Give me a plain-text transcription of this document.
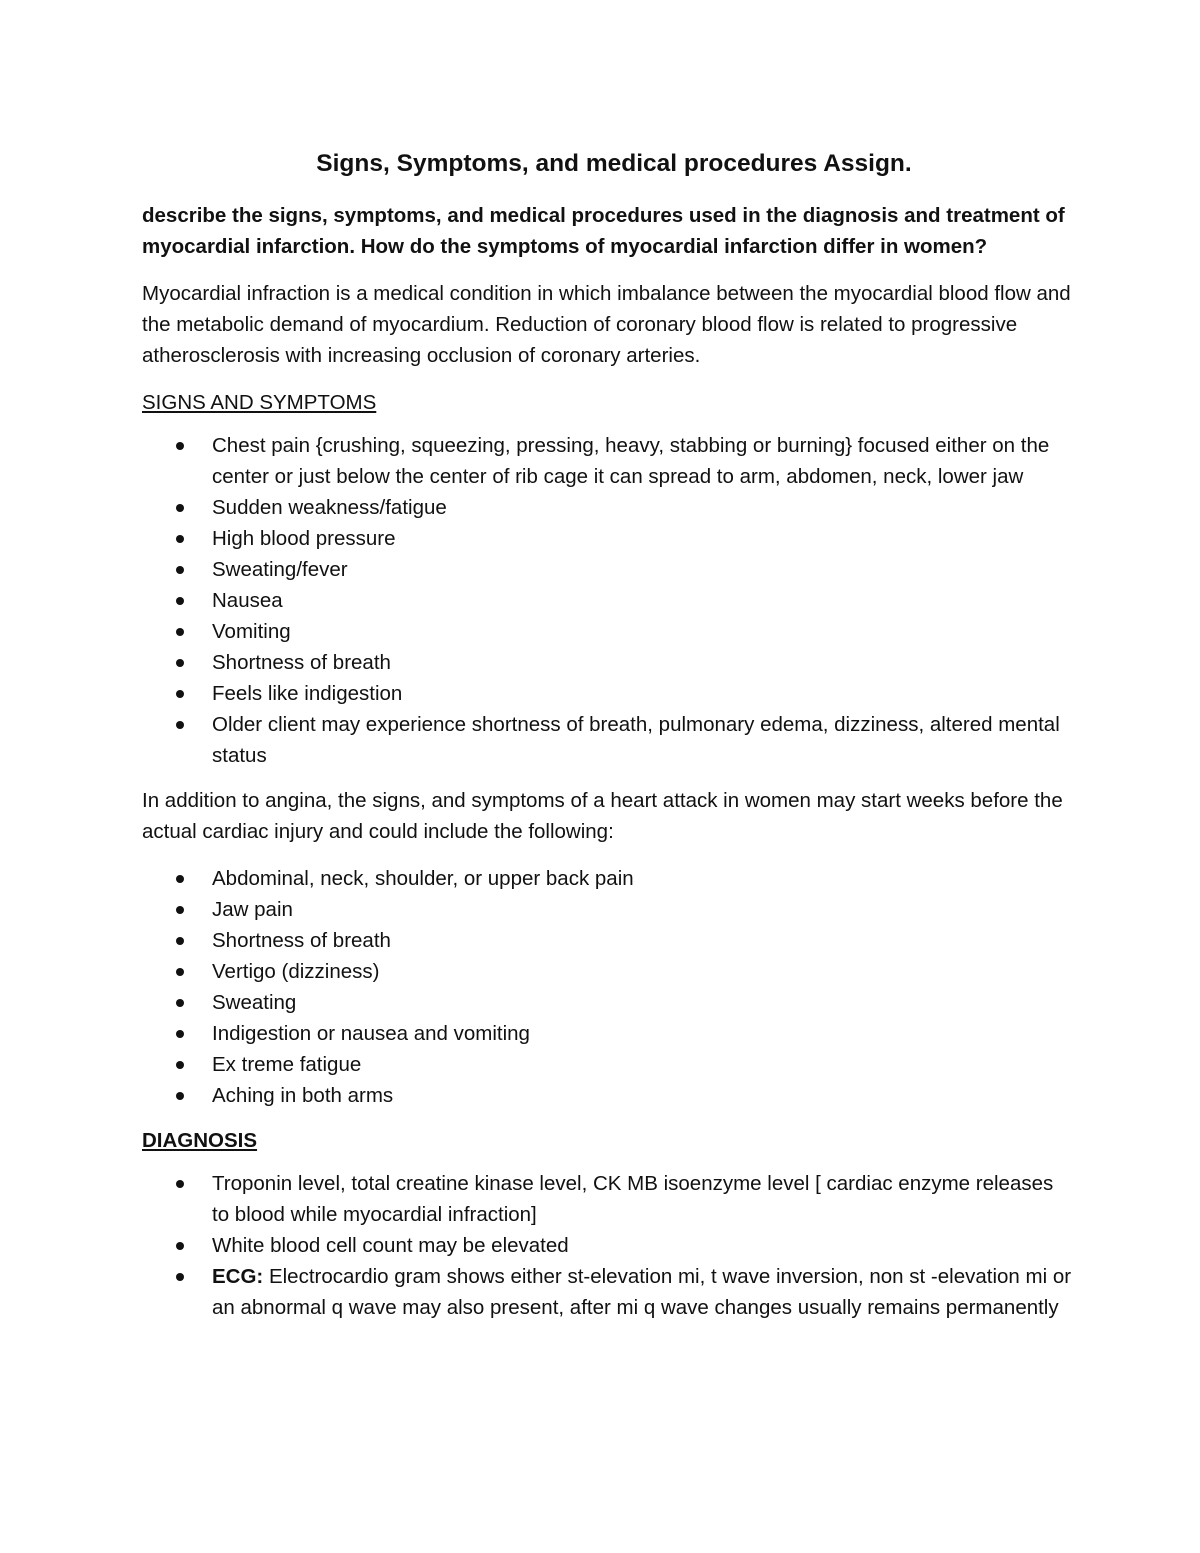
Signs, Symptoms, and medical procedures Assign.
describe the signs, symptoms, and medical procedures used in the diagnosis and treatment of myocardial infarction. How do the symptoms of myocardial infarction differ in women?
Myocardial infraction is a medical condition in which imbalance between the myocardial blood flow and the metabolic demand of myocardium. Reduction of coronary blood flow is related to progressive atherosclerosis with increasing occlusion of coronary arteries.
SIGNS AND SYMPTOMS
Chest pain {crushing, squeezing, pressing, heavy, stabbing or burning} focused either on the center or just below the center of rib cage it can spread to arm, abdomen, neck, lower jaw
Sudden weakness/fatigue
High blood pressure
Sweating/fever
Nausea
Vomiting
Shortness of breath
Feels like indigestion
Older client may experience shortness of breath, pulmonary edema, dizziness, altered mental status
In addition to angina, the signs, and symptoms of a heart attack in women may start weeks before the actual cardiac injury and could include the following:
Abdominal, neck, shoulder, or upper back pain
Jaw pain
Shortness of breath
Vertigo (dizziness)
Sweating
Indigestion or nausea and vomiting
Ex treme fatigue
Aching in both arms
DIAGNOSIS
Troponin level, total creatine kinase level, CK MB isoenzyme level [ cardiac enzyme releases to blood while myocardial infraction]
White blood cell count may be elevated
ECG: Electrocardio gram shows either st-elevation mi, t wave inversion, non st -elevation mi or an abnormal q wave may also present, after mi q wave changes usually remains permanently
